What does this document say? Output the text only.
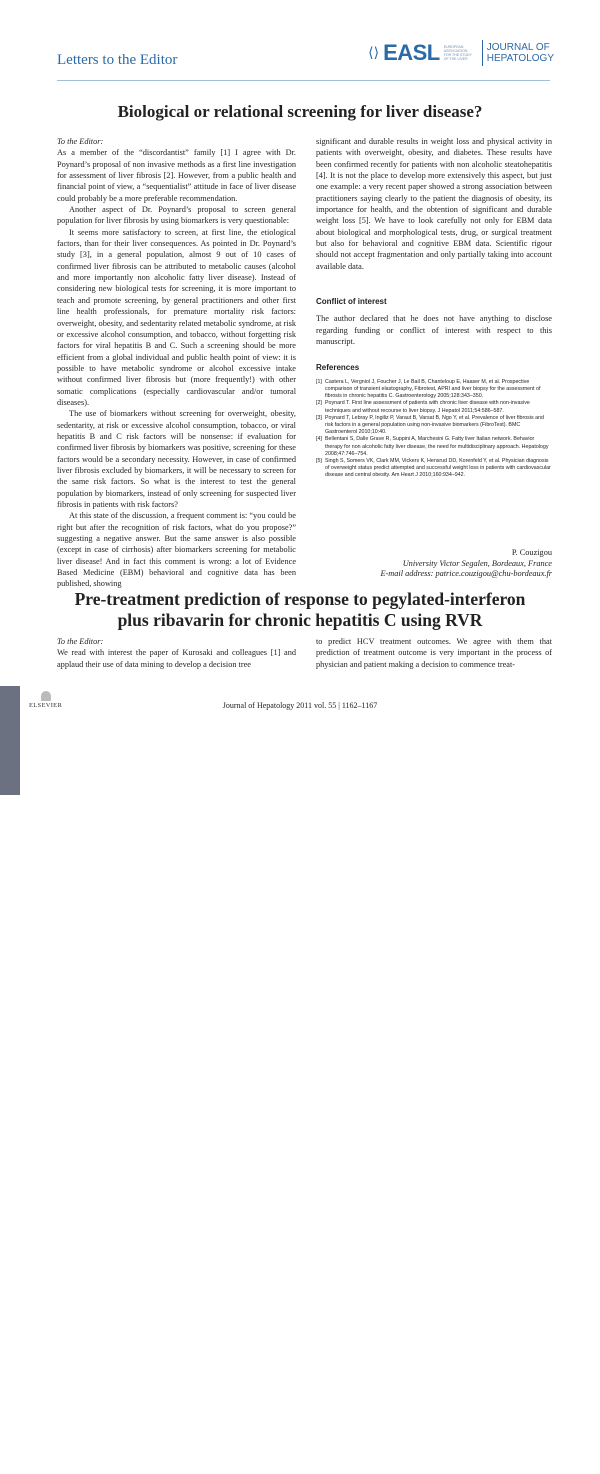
Letters to the Editor	⟨⟩ EASL EUROPEAN
ASSOCIATION
FOR THE STUDY
OF THE LIVER
JOURNAL OF
HEPATOLOGY
Biological or relational screening for liver disease?

To the Editor:

As a member of the “discordantist” family [1] I agree with Dr. Poynard’s proposal of non invasive methods as a first line investigation for assessment of liver fibrosis [2]. However, from a public health and financial point of view, a “sequentialist” attitude in face of liver disease could probably be a more preferable recommendation.

Another aspect of Dr. Poynard’s proposal to screen general population for liver fibrosis by using biomarkers is very questionable:

It seems more satisfactory to screen, at first line, the etiological factors, than for their liver consequences. As pointed in Dr. Poynard’s study [3], in a general population, almost 9 out of 10 cases of confirmed liver fibrosis can be attributed to metabolic causes (alcohol and more importantly non alcoholic fatty liver disease). Instead of considering new biological tests for screening, it is more important to teach and promote screening, by general practitioners and other first line health professionals, for premature mortality risk factors: overweight, obesity, and sedentarity related metabolic syndrome, at risk or excessive alcohol consumption, and tobacco, without forgetting risk factors for viral hepatitis B and C. Such a screening should be more efficient from a global individual and public health point of view: it is possible to have metabolic syndrome or alcohol excessive intake without confirmed liver fibrosis but (more frequently!) with other somatic complications (especially cardiovascular and/or tumoral diseases).

The use of biomarkers without screening for overweight, obesity, sedentarity, at risk or excessive alcohol consumption, tobacco, or viral hepatitis B and C risk factors will be nonsense: if evaluation for confirmed liver fibrosis by biomarkers was positive, screening for these factors would be a secondary necessity. However, in case of confirmed liver fibrosis excluded by biomarkers, it will be necessary to screen for the same risk factors. So what is the interest to test the general population by biomarkers, instead of only screening for suspected liver fibrosis in patients with risk factors?

At this state of the discussion, a frequent comment is: “you could be right but after the recognition of risk factors, what do you propose?” suggesting a negative answer. But the same answer is also possible (except in case of cirrhosis) after biomarkers screening for metabolic liver disease! And in fact this comment is wrong: a lot of Evidence Based Medicine (EBM) behavioral and cognitive data has been published, showing

significant and durable results in weight loss and physical activity in patients with overweight, obesity, and diabetes. These results have been confirmed recently for patients with non alcoholic steatohepatitis [4]. It is not the place to develop more extensively this aspect, but just one example: a very recent paper showed a strong association between practitioners saying clearly to the patient the diagnosis of obesity, its importance for health, and the obtention of significant and durable weight loss [5]. We have to look carefully not only for EBM data about biological and morphological tests, drug, or surgical treatment but also for behavioral and cognitive EBM data. Scientific rigour should not accept fragmentation and only partially taking into account available data.

Conflict of interest

The author declared that he does not have anything to disclose regarding funding or conflict of interest with respect to this manuscript.

References

[1] Castera L, Vergniol J, Foucher J, Le Bail B, Chanteloup E, Haaser M, et al. Prospective comparison of transient elastography, Fibrotest, APRI and liver biopsy for the assessment of fibrosis in chronic hepatitis C. Gastroenterology 2005;128:343–350.
[2] Poynard T. First line assessment of patients with chronic liver disease with non-invasive techniques and without recourse to liver biopsy. J Hepatol 2011;54:586–587.
[3] Poynard T, Lebray P, Ingiliz P, Varaut B, Varsat B, Ngo Y, et al. Prevalence of liver fibrosis and risk factors in a general population using non-invasive biomarkers (FibroTest). BMC Gastroenterol 2010;10:40.
[4] Bellentani S, Dalle Grave R, Suppini A, Marchesini G. Fatty liver Italian network. Behavior therapy for non alcoholic fatty liver disease, the need for multidisciplinary approach. Hepatology 2008;47:746–754.
[5] Singh S, Somers VK, Clark MM, Vickers K, Hensrud DD, Korenfeld Y, et al. Physician diagnosis of overweight status predict attempted and successful weight loss in patients with cardiovascular disease and central obesity. Am Heart J 2010;160:934–942.
P. Couzigou
University Victor Segalen, Bordeaux, France
E-mail address: patrice.couzigou@chu-bordeaux.fr
Pre-treatment prediction of response to pegylated-interferon plus ribavarin for chronic hepatitis C using RVR

To the Editor:

We read with interest the paper of Kurosaki and colleagues [1] and applaud their use of data mining to develop a decision tree

to predict HCV treatment outcomes. We agree with them that prediction of treatment outcome is very important in the process of physician and patient making a decision to commence treat-

Journal of Hepatology 2011 vol. 55 | 1162–1167
ELSEVIER
Letters to the Editor
